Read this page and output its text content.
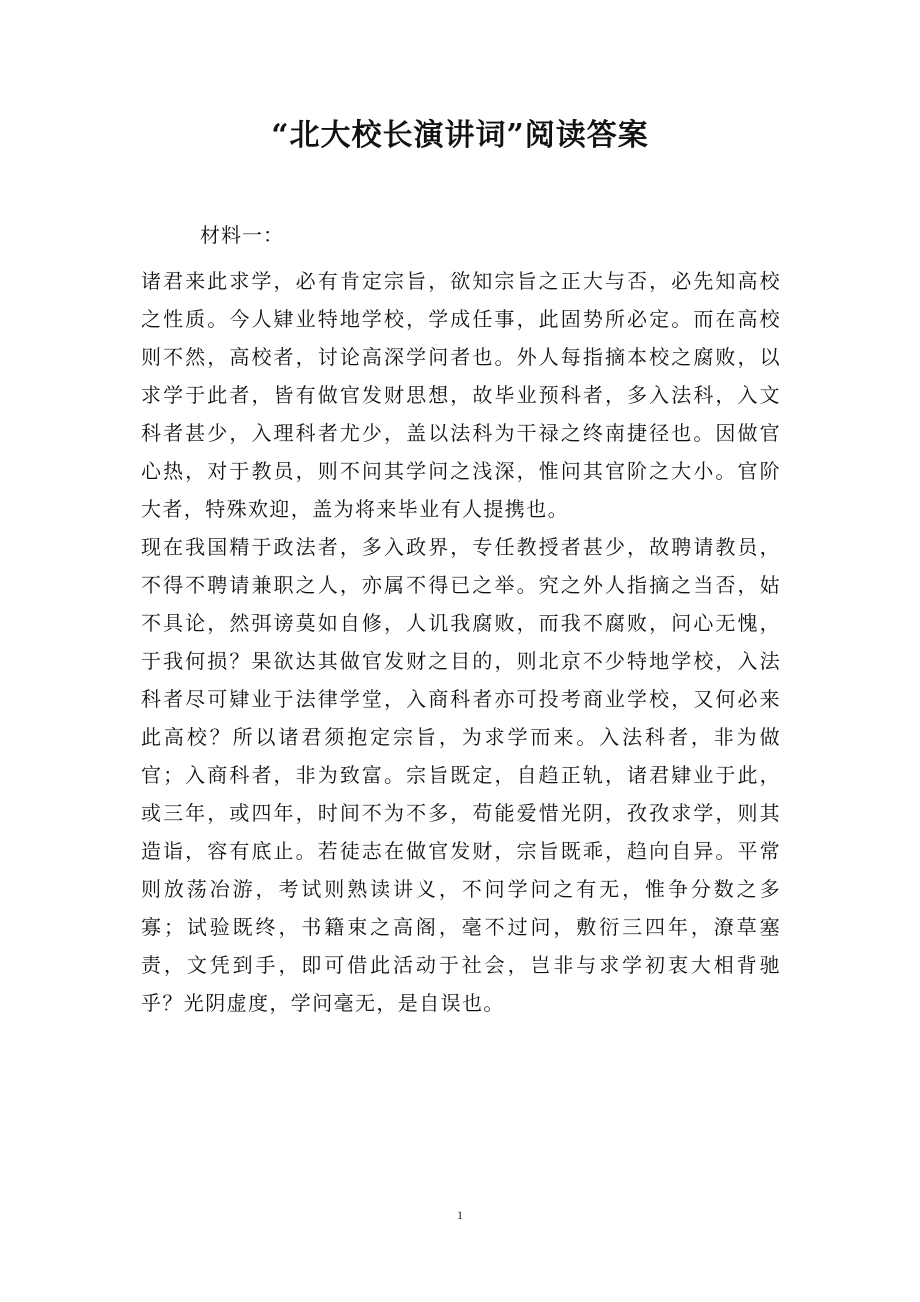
“北大校长演讲词”阅读答案
材料一：

诸君来此求学，必有肯定宗旨，欲知宗旨之正大与否，必先知高校之性质。今人肄业特地学校，学成任事，此固势所必定。而在高校则不然，高校者，讨论高深学问者也。外人每指摘本校之腐败，以求学于此者，皆有做官发财思想，故毕业预科者，多入法科，入文科者甚少，入理科者尤少，盖以法科为干禄之终南捷径也。因做官心热，对于教员，则不问其学问之浅深，惟问其官阶之大小。官阶大者，特殊欢迎，盖为将来毕业有人提携也。

现在我国精于政法者，多入政界，专任教授者甚少，故聘请教员，不得不聘请兼职之人，亦属不得已之举。究之外人指摘之当否，姑不具论，然弭谤莫如自修，人讥我腐败，而我不腐败，问心无愧，于我何损？果欲达其做官发财之目的，则北京不少特地学校，入法科者尽可肄业于法律学堂，入商科者亦可投考商业学校，又何必来此高校？所以诸君须抱定宗旨，为求学而来。入法科者，非为做官；入商科者，非为致富。宗旨既定，自趋正轨，诸君肄业于此，或三年，或四年，时间不为不多，苟能爱惜光阴，孜孜求学，则其造诣，容有底止。若徒志在做官发财，宗旨既乖，趋向自异。平常则放荡冶游，考试则熟读讲义，不问学问之有无，惟争分数之多寡；试验既终，书籍束之高阁，毫不过问，敷衍三四年，潦草塞责，文凭到手，即可借此活动于社会，岂非与求学初衷大相背驰乎？光阴虚度，学问毫无，是自误也。

1
